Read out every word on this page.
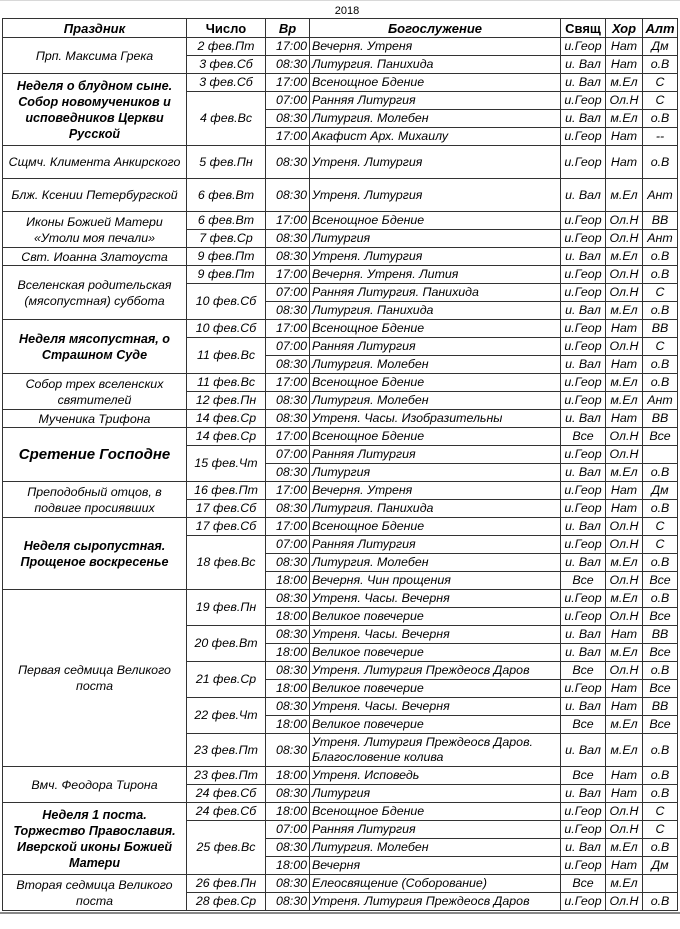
2018
Праздник	Число	Вр	Богослужение	Свящ	Хор	Алт
Прп. Максима Грека	2 фев.Пт	17:00	Вечерня. Утреня	и.Геор	Нат	Дм
	3 фев.Сб	08:30	Литургия. Панихида	и. Вал	Нат	о.В
Неделя о блудном сыне. Собор новомучеников и исповедников Церкви Русской	3 фев.Сб	17:00	Всенощное Бдение	и. Вал	м.Ел	С
	4 фев.Вс	07:00	Ранняя Литургия	и.Геор	Ол.Н	С
		08:30	Литургия. Молебен	и. Вал	м.Ел	о.В
		17:00	Акафист Арх. Михаилу	и.Геор	Нат	--
Сщмч. Климента Анкирского	5 фев.Пн	08:30	Утреня. Литургия	и.Геор	Нат	о.В
Блж. Ксении Петербургской	6 фев.Вт	08:30	Утреня. Литургия	и. Вал	м.Ел	Ант
Иконы Божией Матери «Утоли моя печали»	6 фев.Вт	17:00	Всенощное Бдение	и.Геор	Ол.Н	ВВ
	7 фев.Ср	08:30	Литургия	и.Геор	Ол.Н	Ант
Свт. Иоанна Златоуста	9 фев.Пт	08:30	Утреня. Литургия	и. Вал	м.Ел	о.В
Вселенская родительская (мясопустная) суббота	9 фев.Пт	17:00	Вечерня. Утреня. Лития	и.Геор	Ол.Н	о.В
	10 фев.Сб	07:00	Ранняя Литургия. Панихида	и.Геор	Ол.Н	С
		08:30	Литургия. Панихида	и. Вал	м.Ел	о.В
Неделя мясопустная, о Страшном Суде	10 фев.Сб	17:00	Всенощное Бдение	и.Геор	Нат	ВВ
	11 фев.Вс	07:00	Ранняя Литургия	и.Геор	Ол.Н	С
		08:30	Литургия. Молебен	и. Вал	Нат	о.В
Собор трех вселенских святителей	11 фев.Вс	17:00	Всенощное Бдение	и.Геор	м.Ел	о.В
	12 фев.Пн	08:30	Литургия. Молебен	и.Геор	м.Ел	Ант
Мученика Трифона	14 фев.Ср	08:30	Утреня. Часы. Изобразительны	и. Вал	Нат	ВВ
Сретение Господне	14 фев.Ср	17:00	Всенощное Бдение	Все	Ол.Н	Все
	15 фев.Чт	07:00	Ранняя Литургия	и.Геор	Ол.Н	
		08:30	Литургия	и. Вал	м.Ел	о.В
Преподобный отцов, в подвиге просиявших	16 фев.Пт	17:00	Вечерня. Утреня	и.Геор	Нат	Дм
	17 фев.Сб	08:30	Литургия. Панихида	и.Геор	Нат	о.В
Неделя сыропустная. Прощеное воскресенье	17 фев.Сб	17:00	Всенощное Бдение	и. Вал	Ол.Н	С
	18 фев.Вс	07:00	Ранняя Литургия	и.Геор	Ол.Н	С
		08:30	Литургия. Молебен	и. Вал	м.Ел	о.В
		18:00	Вечерня. Чин прощения	Все	Ол.Н	Все
Первая седмица Великого поста	19 фев.Пн	08:30	Утреня. Часы. Вечерня	и.Геор	м.Ел	о.В
		18:00	Великое повечерие	и.Геор	Ол.Н	Все
	20 фев.Вт	08:30	Утреня. Часы. Вечерня	и. Вал	Нат	ВВ
		18:00	Великое повечерие	и. Вал	м.Ел	Все
	21 фев.Ср	08:30	Утреня. Литургия Преждеосв Даров	Все	Ол.Н	о.В
		18:00	Великое повечерие	и.Геор	Нат	Все
	22 фев.Чт	08:30	Утреня. Часы. Вечерня	и. Вал	Нат	ВВ
		18:00	Великое повечерие	Все	м.Ел	Все
	23 фев.Пт	08:30	Утреня. Литургия Преждеосв Даров. Благословение колива	и. Вал	м.Ел	о.В
Вмч. Феодора Тирона	23 фев.Пт	18:00	Утреня. Исповедь	Все	Нат	о.В
	24 фев.Сб	08:30	Литургия	и. Вал	Нат	о.В
Неделя 1 поста. Торжество Православия. Иверской иконы Божией Матери	24 фев.Сб	18:00	Всенощное Бдение	и.Геор	Ол.Н	С
	25 фев.Вс	07:00	Ранняя Литургия	и.Геор	Ол.Н	С
		08:30	Литургия. Молебен	и. Вал	м.Ел	о.В
		18:00	Вечерня	и.Геор	Нат	Дм
Вторая седмица Великого поста	26 фев.Пн	08:30	Елеосвящение (Соборование)	Все	м.Ел	
	28 фев.Ср	08:30	Утреня. Литургия Преждеосв Даров	и.Геор	Ол.Н	о.В
